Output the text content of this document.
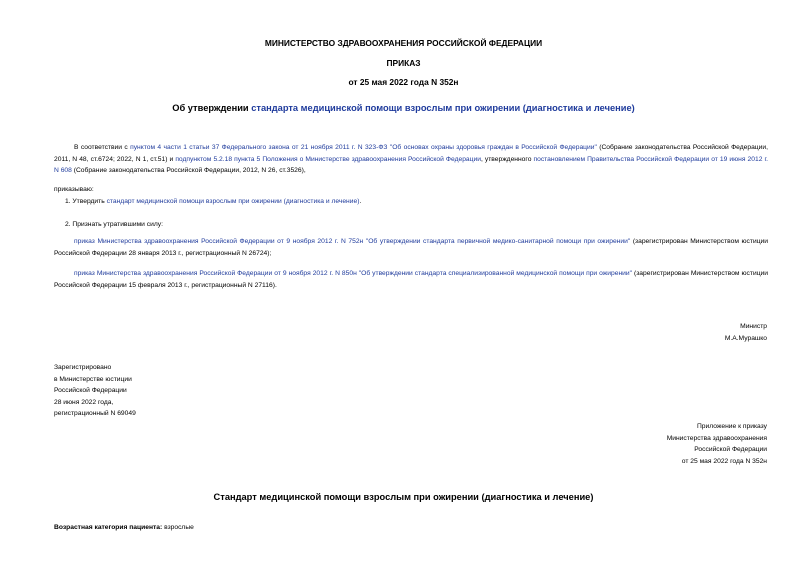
МИНИСТЕРСТВО ЗДРАВООХРАНЕНИЯ РОССИЙСКОЙ ФЕДЕРАЦИИ
ПРИКАЗ
от 25 мая 2022 года N 352н
Об утверждении стандарта медицинской помощи взрослым при ожирении (диагностика и лечение)

В соответствии с пунктом 4 части 1 статьи 37 Федерального закона от 21 ноября 2011 г. N 323-ФЗ "Об основах охраны здоровья граждан в Российской Федерации" (Собрание законодательства Российской Федерации, 2011, N 48, ст.6724; 2022, N 1, ст.51) и подпунктом 5.2.18 пункта 5 Положения о Министерстве здравоохранения Российской Федерации, утвержденного постановлением Правительства Российской Федерации от 19 июня 2012 г. N 608 (Собрание законодательства Российской Федерации, 2012, N 26, ст.3526),

приказываю:
1. Утвердить стандарт медицинской помощи взрослым при ожирении (диагностика и лечение).
2. Признать утратившими силу:

приказ Министерства здравоохранения Российской Федерации от 9 ноября 2012 г. N 752н "Об утверждении стандарта первичной медико-санитарной помощи при ожирении" (зарегистрирован Министерством юстиции Российской Федерации 28 января 2013 г., регистрационный N 26724);

приказ Министерства здравоохранения Российской Федерации от 9 ноября 2012 г. N 850н "Об утверждении стандарта специализированной медицинской помощи при ожирении" (зарегистрирован Министерством юстиции Российской Федерации 15 февраля 2013 г., регистрационный N 27116).

Министр
М.А.Мурашко
Зарегистрировано
в Министерстве юстиции
Российской Федерации
28 июня 2022 года,
регистрационный N 69049
Приложение к приказу
Министерства здравоохранения
Российской Федерации
от 25 мая 2022 года N 352н
Стандарт медицинской помощи взрослым при ожирении (диагностика и лечение)
Возрастная категория пациента: взрослые
